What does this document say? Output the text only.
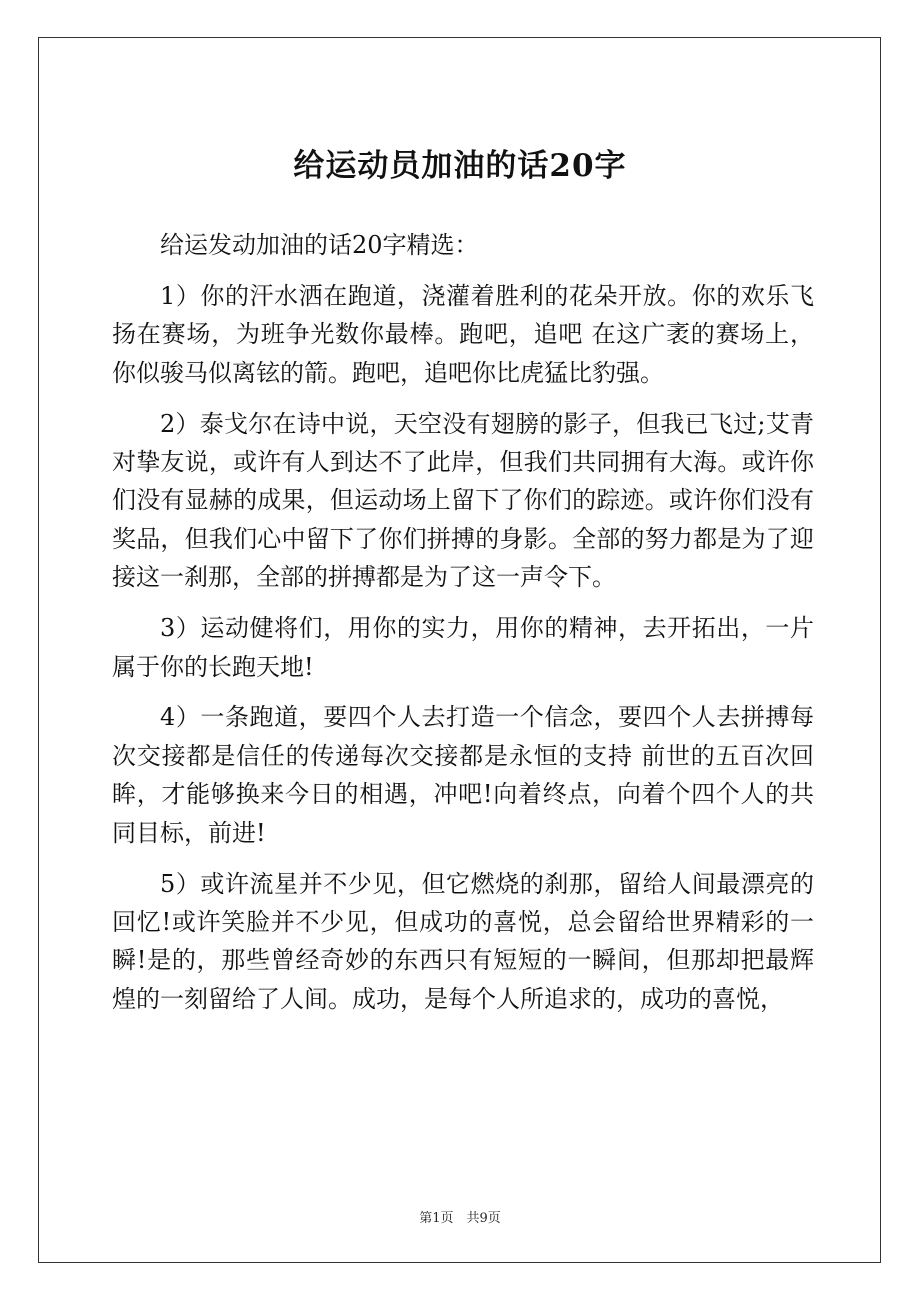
给运动员加油的话20字

给运发动加油的话20字精选：

1）你的汗水洒在跑道，浇灌着胜利的花朵开放。你的欢乐飞扬在赛场，为班争光数你最棒。跑吧，追吧 在这广袤的赛场上，你似骏马似离铉的箭。跑吧，追吧你比虎猛比豹强。

2）泰戈尔在诗中说，天空没有翅膀的影子，但我已飞过;艾青对挚友说，或许有人到达不了此岸，但我们共同拥有大海。或许你们没有显赫的成果，但运动场上留下了你们的踪迹。或许你们没有奖品，但我们心中留下了你们拼搏的身影。全部的努力都是为了迎接这一刹那，全部的拼搏都是为了这一声令下。

3）运动健将们，用你的实力，用你的精神，去开拓出，一片属于你的长跑天地!

4）一条跑道，要四个人去打造一个信念，要四个人去拼搏每次交接都是信任的传递每次交接都是永恒的支持 前世的五百次回眸，才能够换来今日的相遇，冲吧!向着终点，向着个四个人的共同目标，前进!

5）或许流星并不少见，但它燃烧的刹那，留给人间最漂亮的回忆!或许笑脸并不少见，但成功的喜悦，总会留给世界精彩的一瞬!是的，那些曾经奇妙的东西只有短短的一瞬间，但那却把最辉煌的一刻留给了人间。成功，是每个人所追求的，成功的喜悦，

第1页　共9页
